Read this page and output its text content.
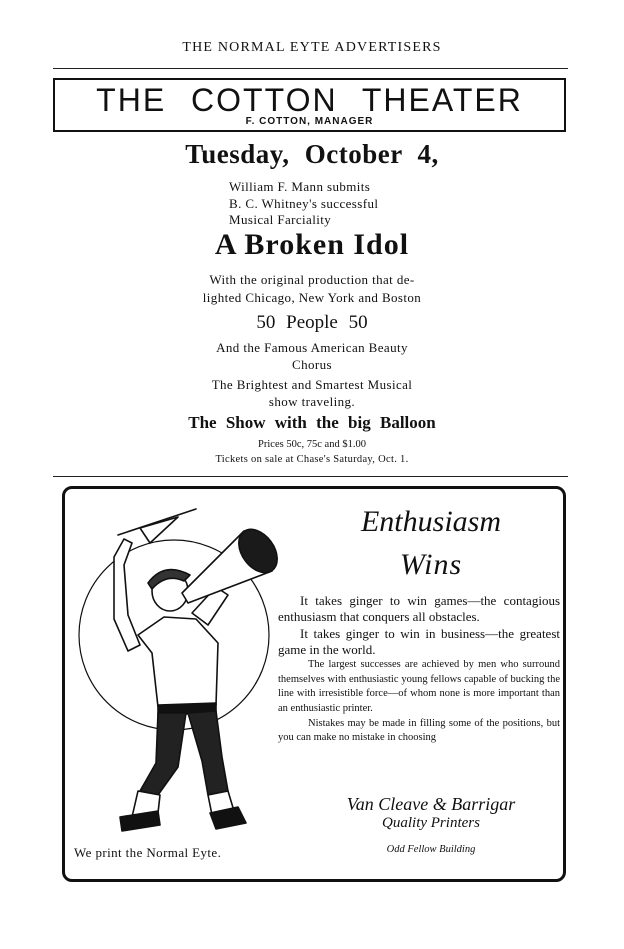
THE NORMAL EYTE ADVERTISERS
THE COTTON THEATER
F. COTTON, MANAGER
Tuesday, October 4,
William F. Mann submits
B. C. Whitney's successful
Musical Farciality
A Broken Idol
With the original production that de-
lighted Chicago, New York and Boston
50 People 50
And the Famous American Beauty
Chorus
The Brightest and Smartest Musical
show traveling.
The Show with the big Balloon
Prices 50c, 75c and $1.00
Tickets on sale at Chase's Saturday, Oct. 1.
Enthusiasm
Wins

It takes ginger to win games—the contagious enthusiasm that conquers all obstacles.

It takes ginger to win in business—the greatest game in the world.

The largest successes are achieved by men who surround themselves with enthusiastic young fellows capable of bucking the line with irresistible force—of whom none is more important than an enthusiastic printer.

Nistakes may be made in filling some of the positions, but you can make no mistake in choosing

Van Cleave & Barrigar
Quality Printers
Odd Fellow Building
We print the Normal Eyte.
